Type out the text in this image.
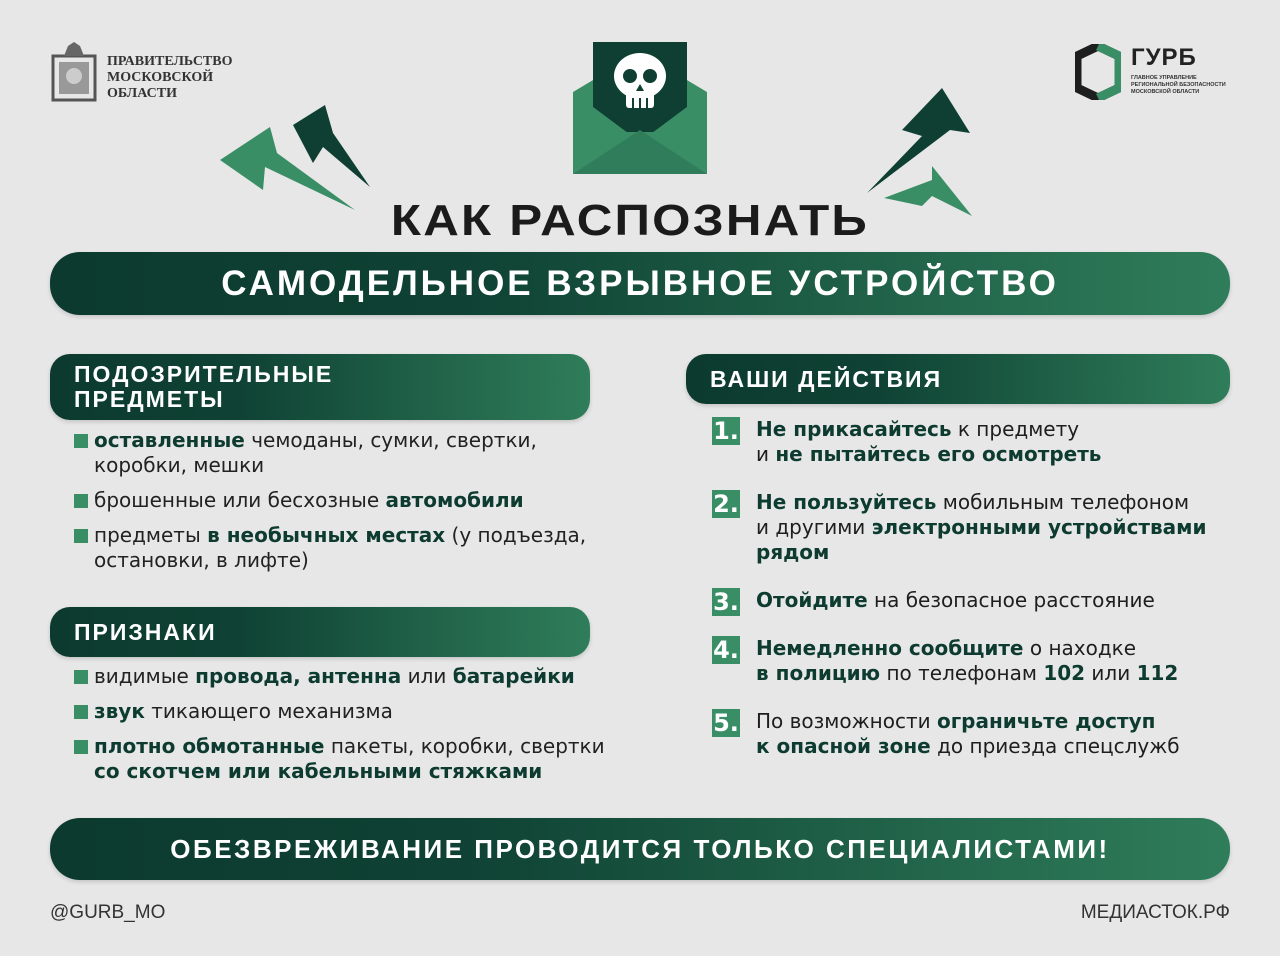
ПРАВИТЕЛЬСТВО
МОСКОВСКОЙ
ОБЛАСТИ
ГУРБ
ГЛАВНОЕ УПРАВЛЕНИЕ
РЕГИОНАЛЬНОЙ БЕЗОПАСНОСТИ
МОСКОВСКОЙ ОБЛАСТИ
КАК РАСПОЗНАТЬ
САМОДЕЛЬНОЕ ВЗРЫВНОЕ УСТРОЙСТВО
ПОДОЗРИТЕЛЬНЫЕ
ПРЕДМЕТЫ
оставленные чемоданы, сумки, свертки, коробки, мешки
брошенные или бесхозные автомобили
предметы в необычных местах (у подъезда, остановки, в лифте)
ПРИЗНАКИ
видимые провода, антенна или батарейки
звук тикающего механизма
плотно обмотанные пакеты, коробки, свертки со скотчем или кабельными стяжками
ВАШИ ДЕЙСТВИЯ
1. Не прикасайтесь к предмету
и не пытайтесь его осмотреть
2. Не пользуйтесь мобильным телефоном
и другими электронными устройствами рядом
3. Отойдите на безопасное расстояние
4. Немедленно сообщите о находке
в полицию по телефонам 102 или 112
5. По возможности ограничьте доступ
к опасной зоне до приезда спецслужб
ОБЕЗВРЕЖИВАНИЕ ПРОВОДИТСЯ ТОЛЬКО СПЕЦИАЛИСТАМИ!
@GURB_MO	МЕДИАСТОК.РФ
